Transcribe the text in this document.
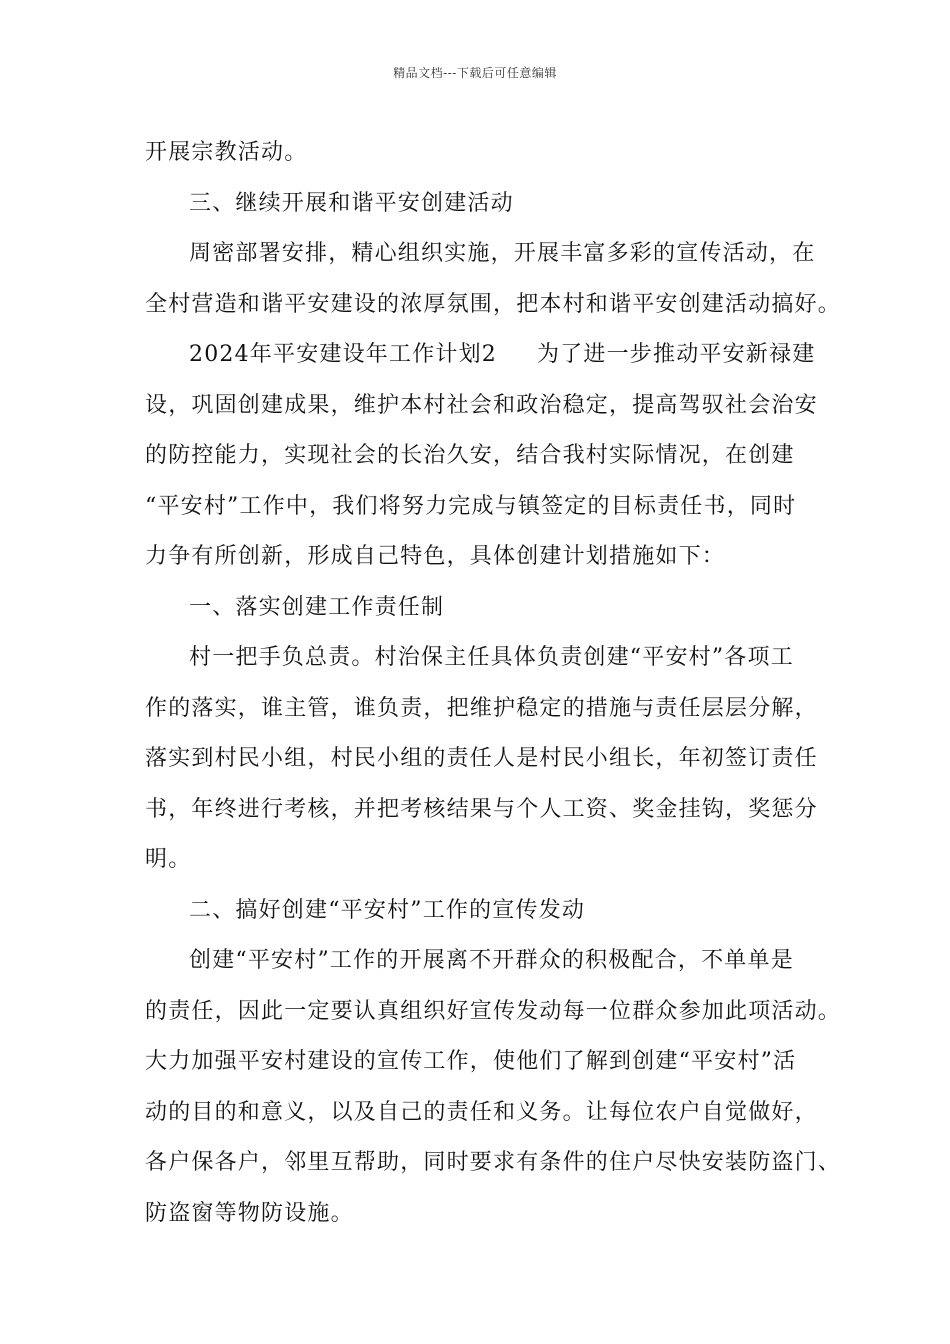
精品文档---下载后可任意编辑
开展宗教活动。
三、继续开展和谐平安创建活动
周密部署安排，精心组织实施，开展丰富多彩的宣传活动，在
全村营造和谐平安建设的浓厚氛围，把本村和谐平安创建活动搞好。
2024年平安建设年工作计划2 为了进一步推动平安新禄建
设，巩固创建成果，维护本村社会和政治稳定，提高驾驭社会治安
的防控能力，实现社会的长治久安，结合我村实际情况，在创建
“平安村”工作中，我们将努力完成与镇签定的目标责任书，同时
力争有所创新，形成自己特色，具体创建计划措施如下：
一、落实创建工作责任制
村一把手负总责。村治保主任具体负责创建“平安村”各项工
作的落实，谁主管，谁负责，把维护稳定的措施与责任层层分解，
落实到村民小组，村民小组的责任人是村民小组长，年初签订责任
书，年终进行考核，并把考核结果与个人工资、奖金挂钩，奖惩分
明。
二、搞好创建“平安村”工作的宣传发动
创建“平安村”工作的开展离不开群众的积极配合，不单单是
的责任，因此一定要认真组织好宣传发动每一位群众参加此项活动。
大力加强平安村建设的宣传工作，使他们了解到创建“平安村”活
动的目的和意义，以及自己的责任和义务。让每位农户自觉做好，
各户保各户，邻里互帮助，同时要求有条件的住户尽快安装防盗门、
防盗窗等物防设施。
